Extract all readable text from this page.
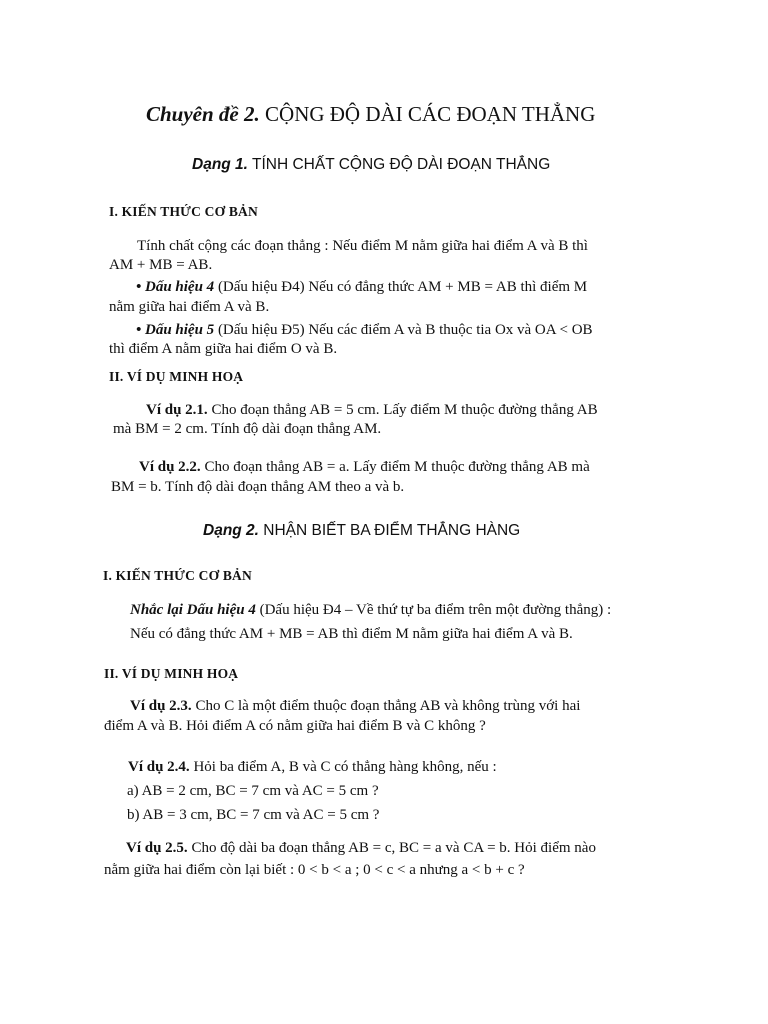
Chuyên đề 2. CỘNG ĐỘ DÀI CÁC ĐOẠN THẲNG
Dạng 1. TÍNH CHẤT CỘNG ĐỘ DÀI ĐOẠN THẲNG
I. KIẾN THỨC CƠ BẢN
Tính chất cộng các đoạn thẳng : Nếu điểm M nằm giữa hai điểm A và B thì
AM + MB = AB.
• Dấu hiệu 4 (Dấu hiệu Đ4) Nếu có đẳng thức AM + MB = AB thì điểm M
nằm giữa hai điểm A và B.
• Dấu hiệu 5 (Dấu hiệu Đ5) Nếu các điểm A và B thuộc tia Ox và OA < OB
thì điểm A nằm giữa hai điểm O và B.
II. VÍ DỤ MINH HOẠ
Ví dụ 2.1. Cho đoạn thẳng AB = 5 cm. Lấy điểm M thuộc đường thẳng AB
mà BM = 2 cm. Tính độ dài đoạn thẳng AM.
Ví dụ 2.2. Cho đoạn thẳng AB = a. Lấy điểm M thuộc đường thẳng AB mà
BM = b. Tính độ dài đoạn thẳng AM theo a và b.
Dạng 2. NHẬN BIẾT BA ĐIỂM THẲNG HÀNG
I. KIẾN THỨC CƠ BẢN
Nhắc lại Dấu hiệu 4 (Dấu hiệu Đ4 – Về thứ tự ba điểm trên một đường thẳng) :
Nếu có đẳng thức AM + MB = AB thì điểm M nằm giữa hai điểm A và B.
II. VÍ DỤ MINH HOẠ
Ví dụ 2.3. Cho C là một điểm thuộc đoạn thẳng AB và không trùng với hai
điểm A và B. Hỏi điểm A có nằm giữa hai điểm B và C không ?
Ví dụ 2.4. Hỏi ba điểm A, B và C có thẳng hàng không, nếu :
a) AB = 2 cm, BC = 7 cm và AC = 5 cm ?
b) AB = 3 cm, BC = 7 cm và AC = 5 cm ?
Ví dụ 2.5. Cho độ dài ba đoạn thẳng AB = c, BC = a và CA = b. Hỏi điểm nào
nằm giữa hai điểm còn lại biết : 0 < b < a ; 0 < c < a nhưng a < b + c ?
